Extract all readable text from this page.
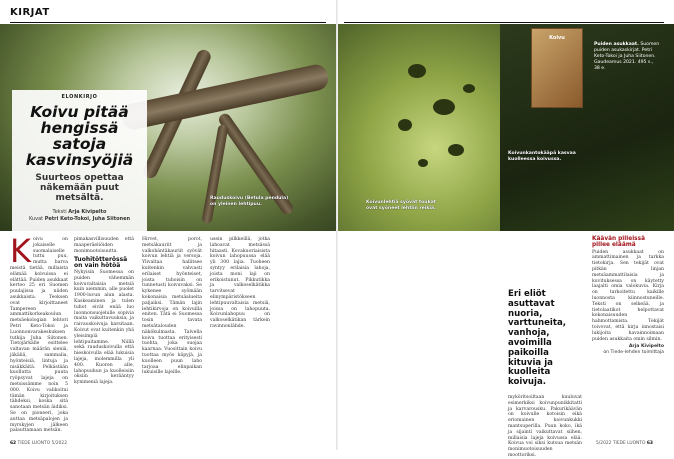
KIRJAT
Rauduskoivu (Betula pendula) on yleinen lehtipuu.
ELONKIRJO
Koivu pitää hengissä satoja kasvinsyöjiä
Suurteos opettaa näkemään puut metsältä.
Teksti Arja Kivipelto
Kuvat Petri Keto-Tokoi, Juha Siitonen
Koivunlehtiä syövät toukat ovat syöneet lehtiin reikiä.
Koivunkantokääpä kasvaa kuolleessa koivussa.
Koivu
Puiden asukkaat. Suomen puiden asukaskirjat. Petri Keto-Tokoi ja Juha Siitonen. Gaudeamus 2021. 495 s., 38 e.
K oivu on jokaiselle suomalaiselle tuttu puu, mutta harva meistä tietää, millaista elämää koivuissa ei elättää. Puiden asukkaat kertoo 25 eri Suomen puulajissa ja niiden asukkaista. Teoksen ovat kirjoittaneet Tampereen ammattikorkeakoulun metsäekologian lehtori Petri Keto-Tokoi ja Luonnonvarakeskuksen tutkija Juha Siitonen. Tietojärkälle esittelee valtavan määrän sieniä, jäkäliä, sammalia, hyönteisiä, lintuja ja nisäkkäitä. Pelkästään kuollutta puuta ryöpsyvat lajeja on metsissämme noin 5 000. Koivu valikoitui tämän kirjoituksen tähdeksi, koska sitä sanotaan metsän äidiksi. Se on pioneeri, joka auttaa metsäpalojen ja myrskyjen jälkeen palauttamaan metsän.

pimakasvillisuuden että maaperäeliöiden monimuotoisuutta.

Tuohitötterössä on vain hötöä

Nykyisin Suomessa on puiden vähemmän koivuvaltaisia metsiä kuin aiemmin, alle puolet 1900-luvun alun alasta. Kaskeaminen ja tulen tuhot eivät enää luo luonnonsuojelulle sopivia maita vaikuttavuuksia, ja raivauskoivuja karsitaan. Koivut ovat kuitenkin yhä yleisimpiä lehtipuitamme. Niillä sekä rauduskoivulla että hieskoivulla elää lukuisia lajeja, molemmilla yli 400. Kuoren alle, lahopuuhun ja kuolleisiin oksiin kerääntyy kymmeniä lajeja.

Hirvet, porot, metsäkauriit ja valkohäntäkauriit syövät koivun lehtiä ja versoja. Ylivaltaa hallitsee kuitenkin vahvasti erilaiset hyönteiset, joista tuhoisin on tunnetusti koivuvaksi. Se kykenee syömään kokonaisia metsäalueita paljaiksi. Tämän lajin lehtikirvoja on koivuilla eniten. Tätä ei Suomessa tosin tavata metsätalouden näkökulmasta. Talvella koivu tuottaa erityisesti tuohta, joka suojaa kaarnaa. Vuosittain koivu tuottaa myös käpyjä, ja kuolleen puun laho tarjoaa elinpaikan lukuisille lajeille.

usein pilkkeillä, jotka lahoavat metsässä hitaasti. Kovakuoriaisista koivun lahopuussa elää yli 300 lajia. Tuoheen syntyy erilaisia lahoja, joista moni laji on erikoistunut. Pikkutikka ja valkoselkätikka tarvitsevat elinympäristökseen lehtipuuvaltaisia metsiä, joissa on lahopuuta. Koivunlahopuu on valkoselkätikan tärkein ravinnonlähde.

Eri eliöt asuttavat nuoria, varttuneita, vanhoja, avoimilla paikoilla kituvia ja kuolleita koivuja.

myköritsoiltaan kuuluvat esimerkiksi koivunpunikkitatti ja karvarousku. Pakurikäävän on koivulle kotoisin eikä eriomainen koivunkukki mantsuperilla. Puun koko, ikä ja sijainti vaikuttavat siihen, millaisia lajeja koivussa elää. Koivua voi siksi kutsua metsän monimuotoisuuden moottoriksi.

Käävän pilleissä pillee eläämä

Puiden asukkaat on ammattimainen ja tarkka tietokirja. Sen tekijät ovat pitkän linjan metsäammattilaisia ja kuvituksessa on käytetty laajalti omia valokuvia. Kirja on tarkoitettu kaikille luonnosta kiinnostuneille. Teksti on selkeää, ja tietolaatikot helpottavat kokonaisuuden hahmottamista. Tekijät toivovat, että kirja innostaisi lukijoita havainnoimaan puiden asukkaita omin silmin.

Arja Kivipelto
on Tiede-lehden toimittaja
62 TIEDE LUONTO 5/2022	5/2022 TIEDE LUONTO 63
